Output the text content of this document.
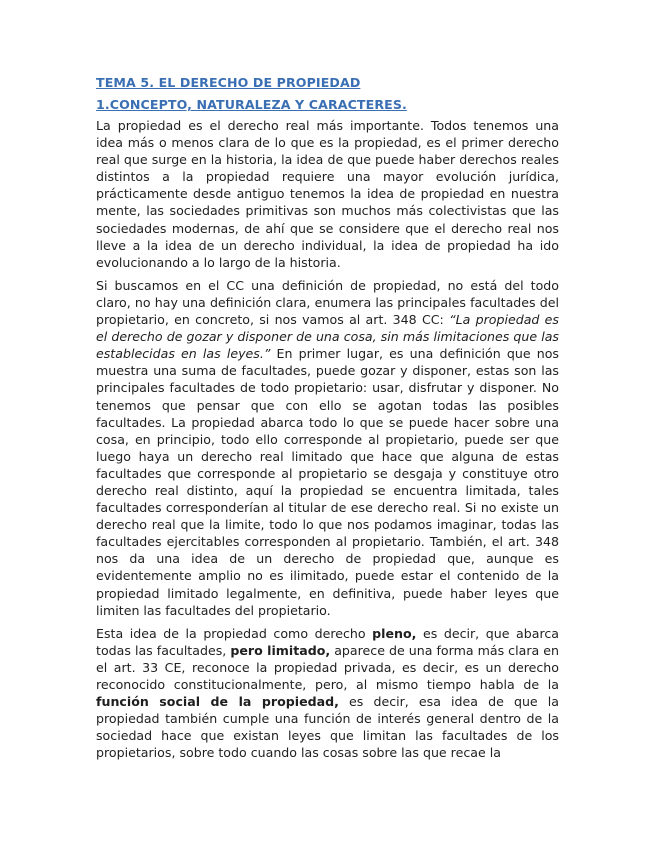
TEMA 5. EL DERECHO DE PROPIEDAD
1.CONCEPTO, NATURALEZA Y CARACTERES.

La propiedad es el derecho real más importante. Todos tenemos una idea más o menos clara de lo que es la propiedad, es el primer derecho real que surge en la historia, la idea de que puede haber derechos reales distintos a la propiedad requiere una mayor evolución jurídica, prácticamente desde antiguo tenemos la idea de propiedad en nuestra mente, las sociedades primitivas son muchos más colectivistas que las sociedades modernas, de ahí que se considere que el derecho real nos lleve a la idea de un derecho individual, la idea de propiedad ha ido evolucionando a lo largo de la historia.

Si buscamos en el CC una definición de propiedad, no está del todo claro, no hay una definición clara, enumera las principales facultades del propietario, en concreto, si nos vamos al art. 348 CC: “La propiedad es el derecho de gozar y disponer de una cosa, sin más limitaciones que las establecidas en las leyes.” En primer lugar, es una definición que nos muestra una suma de facultades, puede gozar y disponer, estas son las principales facultades de todo propietario: usar, disfrutar y disponer. No tenemos que pensar que con ello se agotan todas las posibles facultades. La propiedad abarca todo lo que se puede hacer sobre una cosa, en principio, todo ello corresponde al propietario, puede ser que luego haya un derecho real limitado que hace que alguna de estas facultades que corresponde al propietario se desgaja y constituye otro derecho real distinto, aquí la propiedad se encuentra limitada, tales facultades corresponderían al titular de ese derecho real. Si no existe un derecho real que la limite, todo lo que nos podamos imaginar, todas las facultades ejercitables corresponden al propietario. También, el art. 348 nos da una idea de un derecho de propiedad que, aunque es evidentemente amplio no es ilimitado, puede estar el contenido de la propiedad limitado legalmente, en definitiva, puede haber leyes que limiten las facultades del propietario.

Esta idea de la propiedad como derecho pleno, es decir, que abarca todas las facultades, pero limitado, aparece de una forma más clara en el art. 33 CE, reconoce la propiedad privada, es decir, es un derecho reconocido constitucionalmente, pero, al mismo tiempo habla de la función social de la propiedad, es decir, esa idea de que la propiedad también cumple una función de interés general dentro de la sociedad hace que existan leyes que limitan las facultades de los propietarios, sobre todo cuando las cosas sobre las que recae la
